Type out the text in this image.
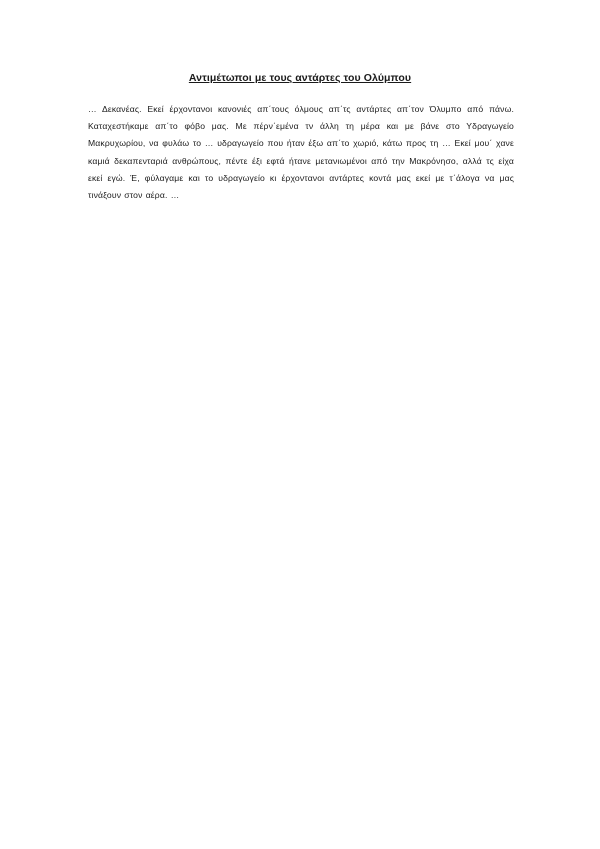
Αντιμέτωποι με τους αντάρτες του Ολύμπου
… Δεκανέας. Εκεί έρχοντανοι κανονιές απ΄τους όλμους απ΄τς αντάρτες απ΄τον Όλυμπο από πάνω. Καταχεστήκαμε απ΄το φόβο μας. Με πέρν΄εμένα τν άλλη τη μέρα και με βάνε στο Υδραγωγείο Μακρυχωρίου, να φυλάω το … υδραγωγείο που ήταν έξω απ΄το χωριό, κάτω προς τη … Εκεί μου΄ χανε καμιά δεκαπενταριά ανθρώπους, πέντε έξι εφτά ήτανε μετανιωμένοι από την Μακρόνησο, αλλά τς είχα εκεί εγώ. Έ, φύλαγαμε και το υδραγωγείο κι έρχοντανοι αντάρτες κοντά μας εκεί με τ΄άλογα να μας τινάξουν στον αέρα. …
